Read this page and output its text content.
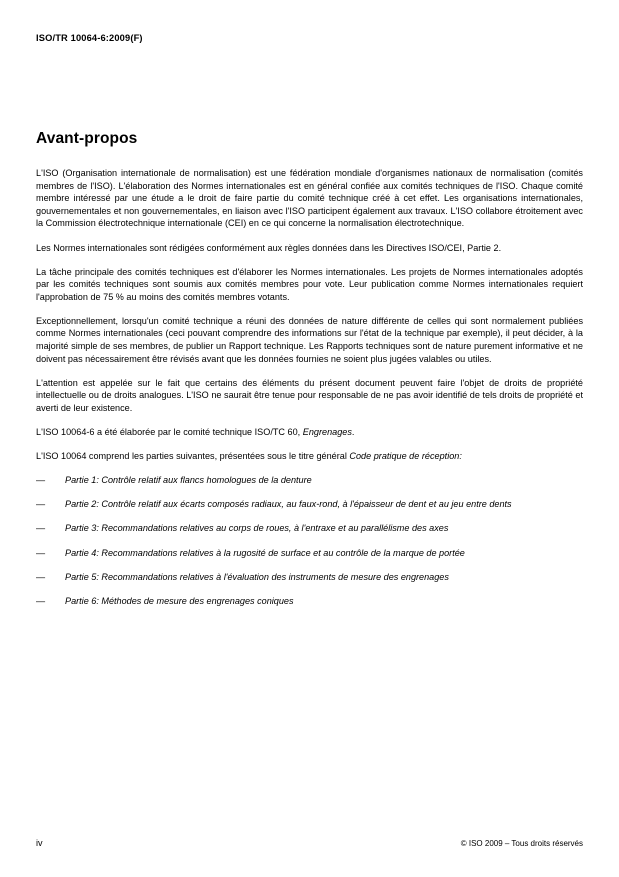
ISO/TR 10064-6:2009(F)
Avant-propos

L'ISO (Organisation internationale de normalisation) est une fédération mondiale d'organismes nationaux de normalisation (comités membres de l'ISO). L'élaboration des Normes internationales est en général confiée aux comités techniques de l'ISO. Chaque comité membre intéressé par une étude a le droit de faire partie du comité technique créé à cet effet. Les organisations internationales, gouvernementales et non gouvernementales, en liaison avec l'ISO participent également aux travaux. L'ISO collabore étroitement avec la Commission électrotechnique internationale (CEI) en ce qui concerne la normalisation électrotechnique.

Les Normes internationales sont rédigées conformément aux règles données dans les Directives ISO/CEI, Partie 2.

La tâche principale des comités techniques est d'élaborer les Normes internationales. Les projets de Normes internationales adoptés par les comités techniques sont soumis aux comités membres pour vote. Leur publication comme Normes internationales requiert l'approbation de 75 % au moins des comités membres votants.

Exceptionnellement, lorsqu'un comité technique a réuni des données de nature différente de celles qui sont normalement publiées comme Normes internationales (ceci pouvant comprendre des informations sur l'état de la technique par exemple), il peut décider, à la majorité simple de ses membres, de publier un Rapport technique. Les Rapports techniques sont de nature purement informative et ne doivent pas nécessairement être révisés avant que les données fournies ne soient plus jugées valables ou utiles.

L'attention est appelée sur le fait que certains des éléments du présent document peuvent faire l'objet de droits de propriété intellectuelle ou de droits analogues. L'ISO ne saurait être tenue pour responsable de ne pas avoir identifié de tels droits de propriété et averti de leur existence.

L'ISO 10064-6 a été élaborée par le comité technique ISO/TC 60, Engrenages.

L'ISO 10064 comprend les parties suivantes, présentées sous le titre général Code pratique de réception:

— Partie 1: Contrôle relatif aux flancs homologues de la denture
— Partie 2: Contrôle relatif aux écarts composés radiaux, au faux-rond, à l'épaisseur de dent et au jeu entre dents
— Partie 3: Recommandations relatives au corps de roues, à l'entraxe et au parallélisme des axes
— Partie 4: Recommandations relatives à la rugosité de surface et au contrôle de la marque de portée
— Partie 5: Recommandations relatives à l'évaluation des instruments de mesure des engrenages
— Partie 6: Méthodes de mesure des engrenages coniques
iv	© ISO 2009 – Tous droits réservés
